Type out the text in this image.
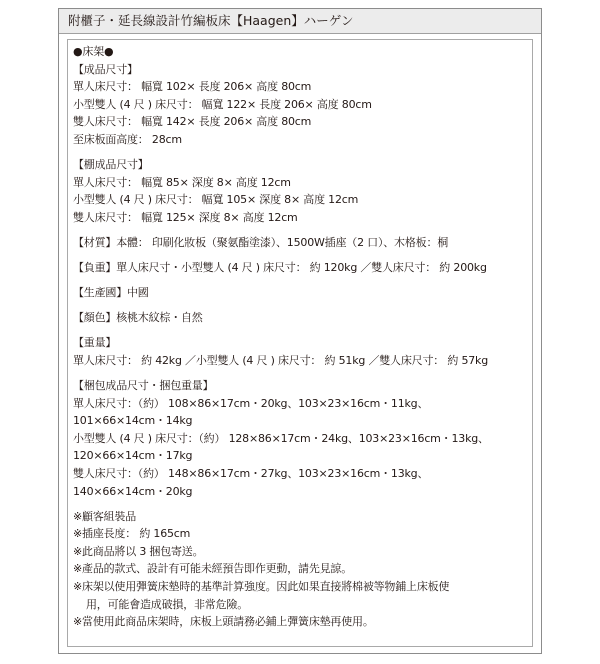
附櫃子・延長線設計竹編板床【Haagen】ハーゲン
●床架●
【成品尺寸】
單人床尺寸： 幅寬 102× 長度 206× 高度 80cm
小型雙人 (4 尺 ) 床尺寸： 幅寬 122× 長度 206× 高度 80cm
雙人床尺寸： 幅寬 142× 長度 206× 高度 80cm
至床板面高度： 28cm
【棚成品尺寸】
單人床尺寸： 幅寬 85× 深度 8× 高度 12cm
小型雙人 (4 尺 ) 床尺寸： 幅寬 105× 深度 8× 高度 12cm
雙人床尺寸： 幅寬 125× 深度 8× 高度 12cm
【材質】本體： 印刷化妝板（聚氨酯塗漆）、1500W插座（2 口）、木格板：桐
【負重】單人床尺寸・小型雙人 (4 尺 ) 床尺寸： 約 120kg ／雙人床尺寸： 約 200kg
【生產國】中國
【顏色】核桃木紋棕・自然
【重量】
單人床尺寸： 約 42kg ／小型雙人 (4 尺 ) 床尺寸： 約 51kg ／雙人床尺寸： 約 57kg
【梱包成品尺寸・捆包重量】
單人床尺寸：（約） 108×86×17cm・20kg、103×23×16cm・11kg、
101×66×14cm・14kg
小型雙人 (4 尺 ) 床尺寸：（約） 128×86×17cm・24kg、103×23×16cm・13kg、
120×66×14cm・17kg
雙人床尺寸：（約） 148×86×17cm・27kg、103×23×16cm・13kg、
140×66×14cm・20kg
※顧客組裝品
※插座長度： 約 165cm
※此商品將以 3 捆包寄送。
※產品的款式、設計有可能未經預告即作更動，請先見諒。
※床架以使用彈簧床墊時的基準計算強度。因此如果直接將棉被等物鋪上床板使
用，可能會造成破損，非常危險。
※當使用此商品床架時，床板上頭請務必鋪上彈簧床墊再使用。
